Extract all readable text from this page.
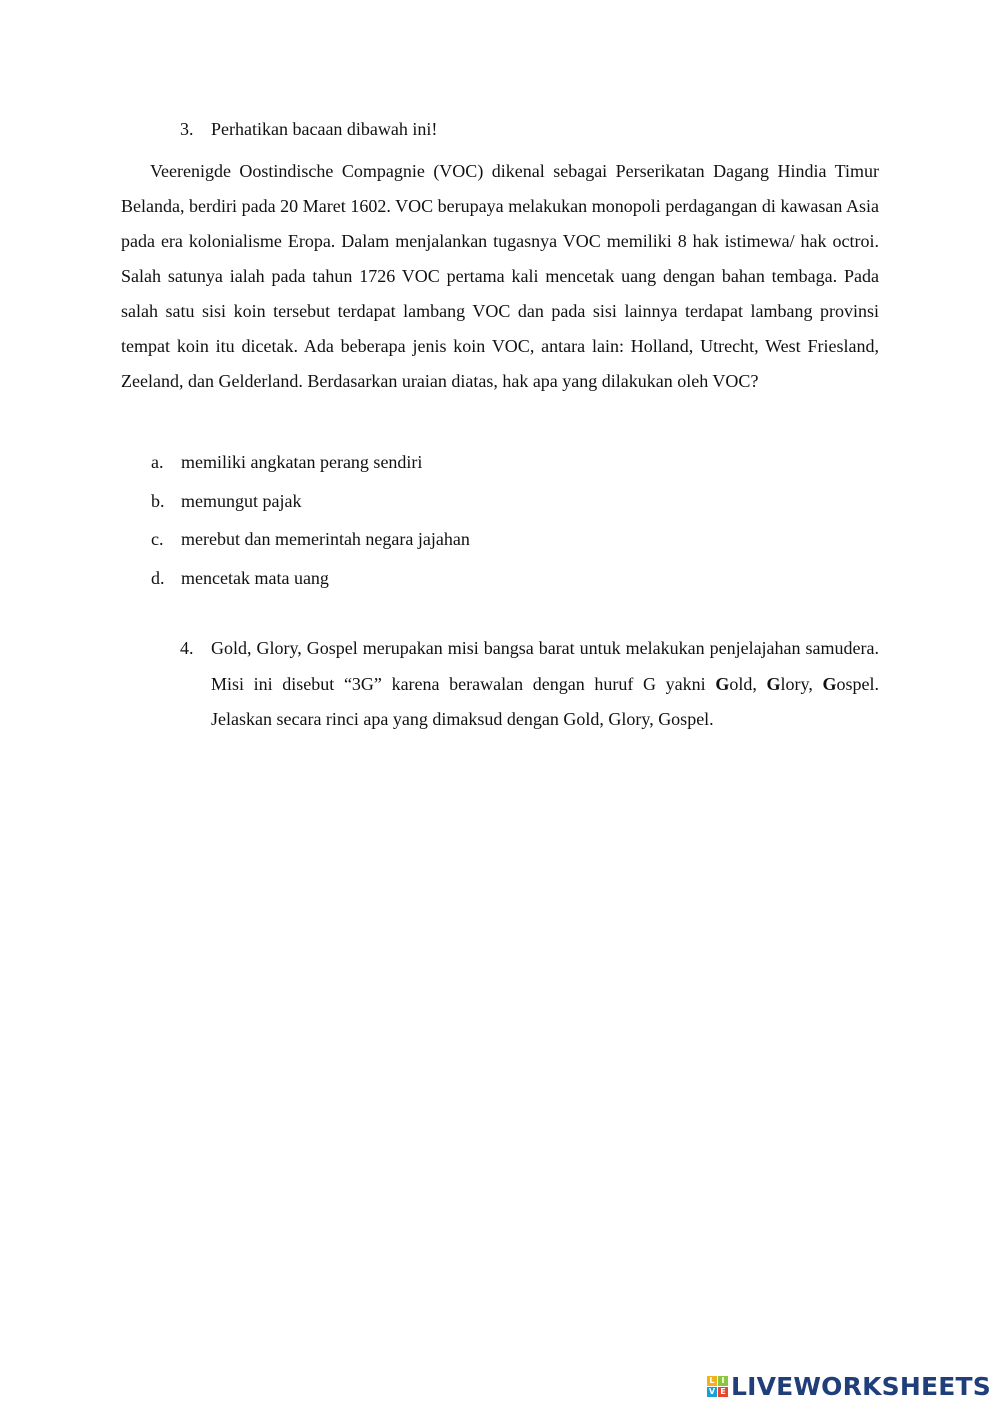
3. Perhatikan bacaan dibawah ini!

Veerenigde Oostindische Compagnie (VOC) dikenal sebagai Perserikatan Dagang Hindia Timur Belanda, berdiri pada 20 Maret 1602. VOC berupaya melakukan monopoli perdagangan di kawasan Asia pada era kolonialisme Eropa. Dalam menjalankan tugasnya VOC memiliki 8 hak istimewa/ hak octroi. Salah satunya ialah pada tahun 1726 VOC pertama kali mencetak uang dengan bahan tembaga. Pada salah satu sisi koin tersebut terdapat lambang VOC dan pada sisi lainnya terdapat lambang provinsi tempat koin itu dicetak. Ada beberapa jenis koin VOC, antara lain: Holland, Utrecht, West Friesland, Zeeland, dan Gelderland. Berdasarkan uraian diatas, hak apa yang dilakukan oleh VOC?

a. memiliki angkatan perang sendiri
b. memungut pajak
c. merebut dan memerintah negara jajahan
d. mencetak mata uang
4. Gold, Glory, Gospel merupakan misi bangsa barat untuk melakukan penjelajahan samudera. Misi ini disebut “3G” karena berawalan dengan huruf G yakni Gold, Glory, Gospel. Jelaskan secara rinci apa yang dimaksud dengan Gold, Glory, Gospel.
L I
V E LIVEWORKSHEETS
